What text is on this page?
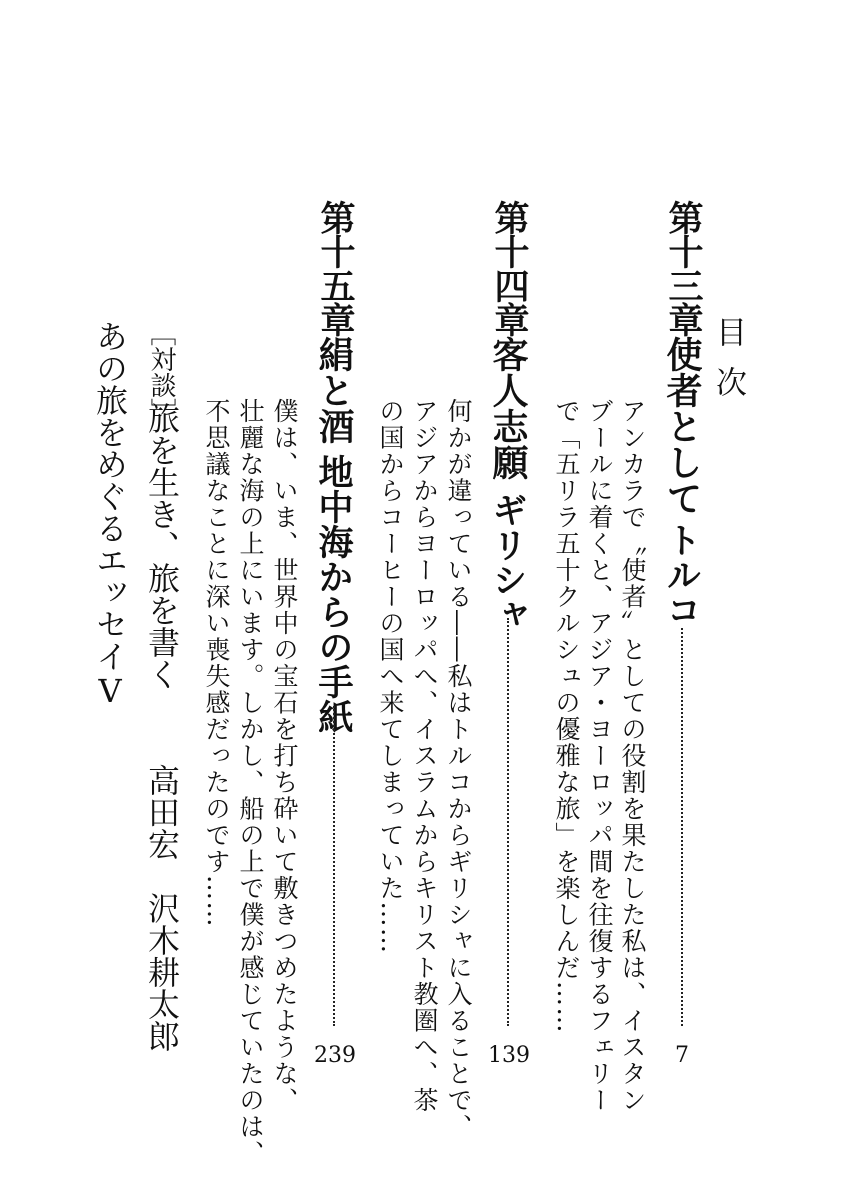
目次
第十三章
使者として
トルコ
7
アンカラで〝使者〟としての役割を果たした私は、イスタン
ブールに着くと、アジア・ヨーロッパ間を往復するフェリー
で「五リラ五十クルシュの優雅な旅」を楽しんだ……
第十四章
客人志願
ギリシャ
139
何かが違っている――私はトルコからギリシャに入ることで、
アジアからヨーロッパへ、イスラムからキリスト教圏へ、茶
の国からコーヒーの国へ来てしまっていた……
第十五章
絹と酒
地中海からの手紙
239
僕は、いま、世界中の宝石を打ち砕いて敷きつめたような、
壮麗な海の上にいます。しかし、船の上で僕が感じていたのは、
不思議なことに深い喪失感だったのです……
［対談］
旅を生き、旅を書く
高田宏　沢木耕太郎
あの旅をめぐるエッセイⅤ
